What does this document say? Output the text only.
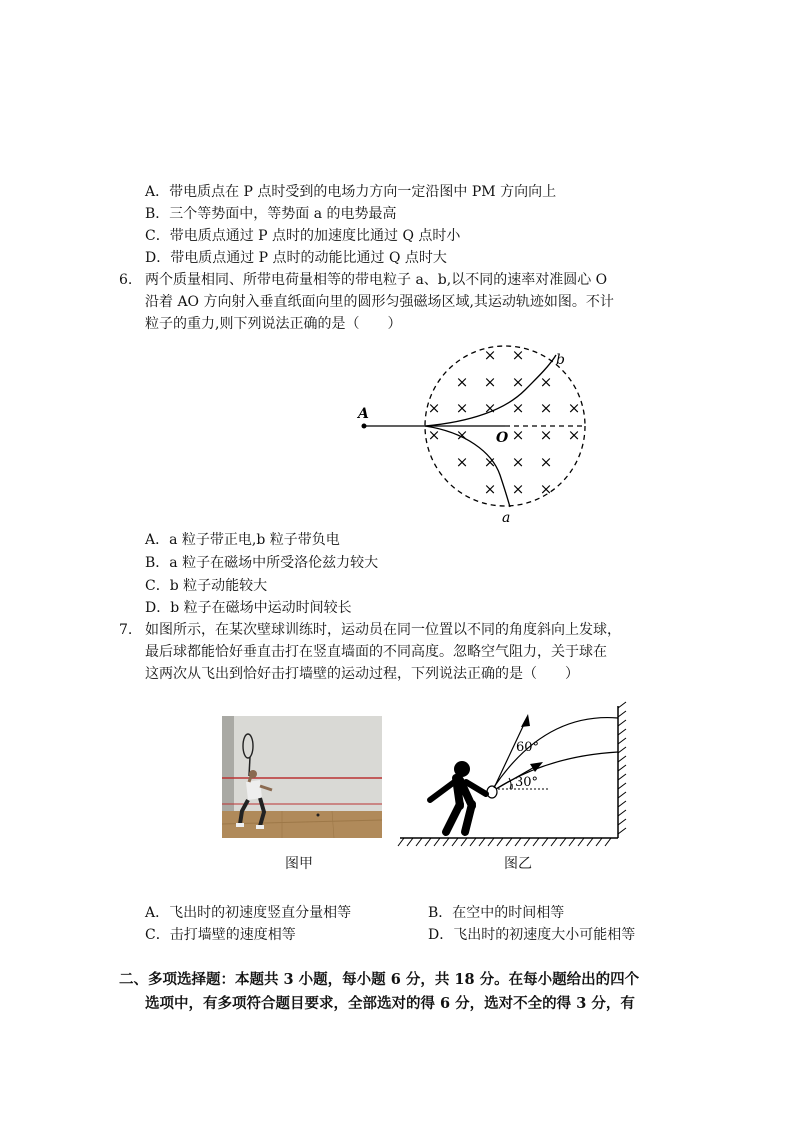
A．带电质点在 P 点时受到的电场力方向一定沿图中 PM 方向向上
B．三个等势面中，等势面 a 的电势最高
C．带电质点通过 P 点时的加速度比通过 Q 点时小
D．带电质点通过 P 点时的动能比通过 Q 点时大
6. 两个质量相同、所带电荷量相等的带电粒子 a、b,以不同的速率对准圆心 O
沿着 AO 方向射入垂直纸面向里的圆形匀强磁场区域,其运动轨迹如图。不计
粒子的重力,则下列说法正确的是（　　）
× ×
× × × ×
× × × × × ×
× ×	× × ×
× × × ×
× × ×
A
O
b
a
A．a 粒子带正电,b 粒子带负电
B．a 粒子在磁场中所受洛伦兹力较大
C．b 粒子动能较大
D．b 粒子在磁场中运动时间较长
7. 如图所示，在某次壁球训练时，运动员在同一位置以不同的角度斜向上发球，
最后球都能恰好垂直击打在竖直墙面的不同高度。忽略空气阻力，关于球在
这两次从飞出到恰好击打墙壁的运动过程，下列说法正确的是（　　）
60°
30°
图甲	图乙
A．飞出时的初速度竖直分量相等	B．在空中的时间相等
C．击打墙壁的速度相等	D．飞出时的初速度大小可能相等
二、多项选择题：本题共 3 小题，每小题 6 分，共 18 分。在每小题给出的四个
选项中，有多项符合题目要求，全部选对的得 6 分，选对不全的得 3 分，有
